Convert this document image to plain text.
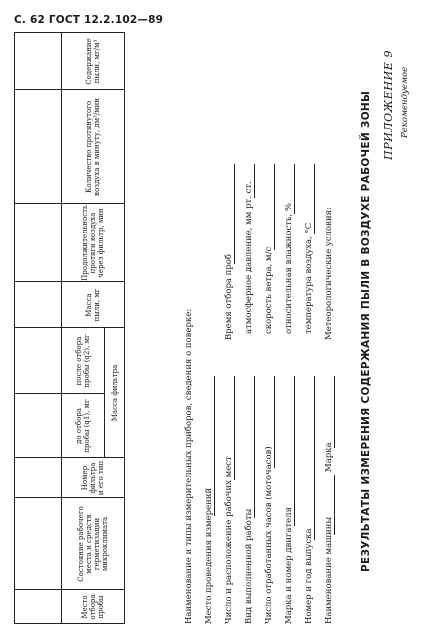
С. 62 ГОСТ 12.2.102—89
ПРИЛОЖЕНИЕ 9 Рекомендуемое
РЕЗУЛЬТАТЫ ИЗМЕРЕНИЯ СОДЕРЖАНИЯ ПЫЛИ В ВОЗДУХЕ РАБОЧЕЙ ЗОНЫ
Наименование машины
Марка
Номер и год выпуска
Марка и номер двигателя
Число отработанных часов (моточасов)
Вид выполненной работы
Число и расположение рабочих мест
Место проведения измерений
Наименование и типы измерительных приборов, сведения о поверке:
Метеорологические условия:
температура воздуха, °С
относительная влажность, %
скорость ветра, м/с
атмосферное давление, мм рт. ст.
Время отбора проб
Место отбора пробы
Состояние рабочего места и средств герметизации микроклимата
Номер фильтра и его тип
Масса фильтра
до отбора пробы (q1), мг
после отбора пробы (q2), мг
Масса пыли, мг
Продолжительность протяги воздуха через фильтр, мин
Количество протянутого воздуха в минуту, дм³/мин
Содержание пыли, мг/м³
